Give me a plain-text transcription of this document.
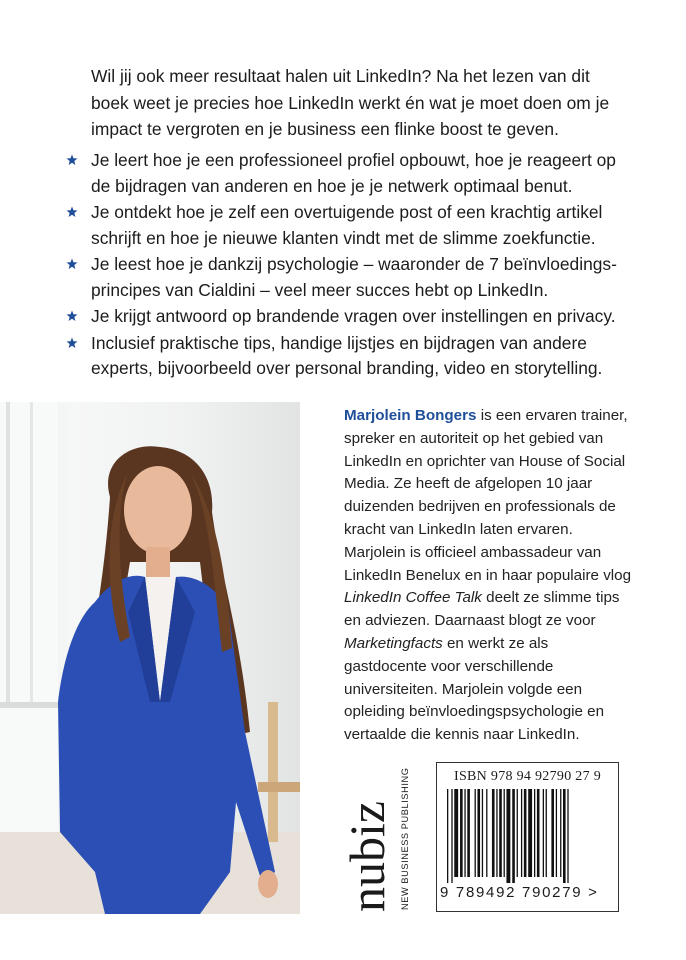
Wil jij ook meer resultaat halen uit LinkedIn? Na het lezen van dit boek weet je precies hoe LinkedIn werkt én wat je moet doen om je impact te vergroten en je business een flinke boost te geven.

Je leert hoe je een professioneel profiel opbouwt, hoe je reageert op de bijdragen van anderen en hoe je je netwerk optimaal benut.
Je ontdekt hoe je zelf een overtuigende post of een krachtig artikel schrijft en hoe je nieuwe klanten vindt met de slimme zoekfunctie.
Je leest hoe je dankzij psychologie – waaronder de 7 beïnvloedings-principes van Cialdini – veel meer succes hebt op LinkedIn.
Je krijgt antwoord op brandende vragen over instellingen en privacy.
Inclusief praktische tips, handige lijstjes en bijdragen van andere experts, bijvoorbeeld over personal branding, video en storytelling.

Marjolein Bongers is een ervaren trainer, spreker en autoriteit op het gebied van LinkedIn en oprichter van House of Social Media. Ze heeft de afgelopen 10 jaar duizenden bedrijven en professionals de kracht van LinkedIn laten ervaren. Marjolein is officieel ambassadeur van LinkedIn Benelux en in haar populaire vlog LinkedIn Coffee Talk deelt ze slimme tips en adviezen. Daarnaast blogt ze voor Marketingfacts en werkt ze als gastdocente voor verschillende universiteiten. Marjolein volgde een opleiding beïnvloedingspsychologie en vertaalde die kennis naar LinkedIn.

nubiz NEW BUSINESS PUBLISHING	ISBN 978 94 92790 27 9
9 789492 790279 >
